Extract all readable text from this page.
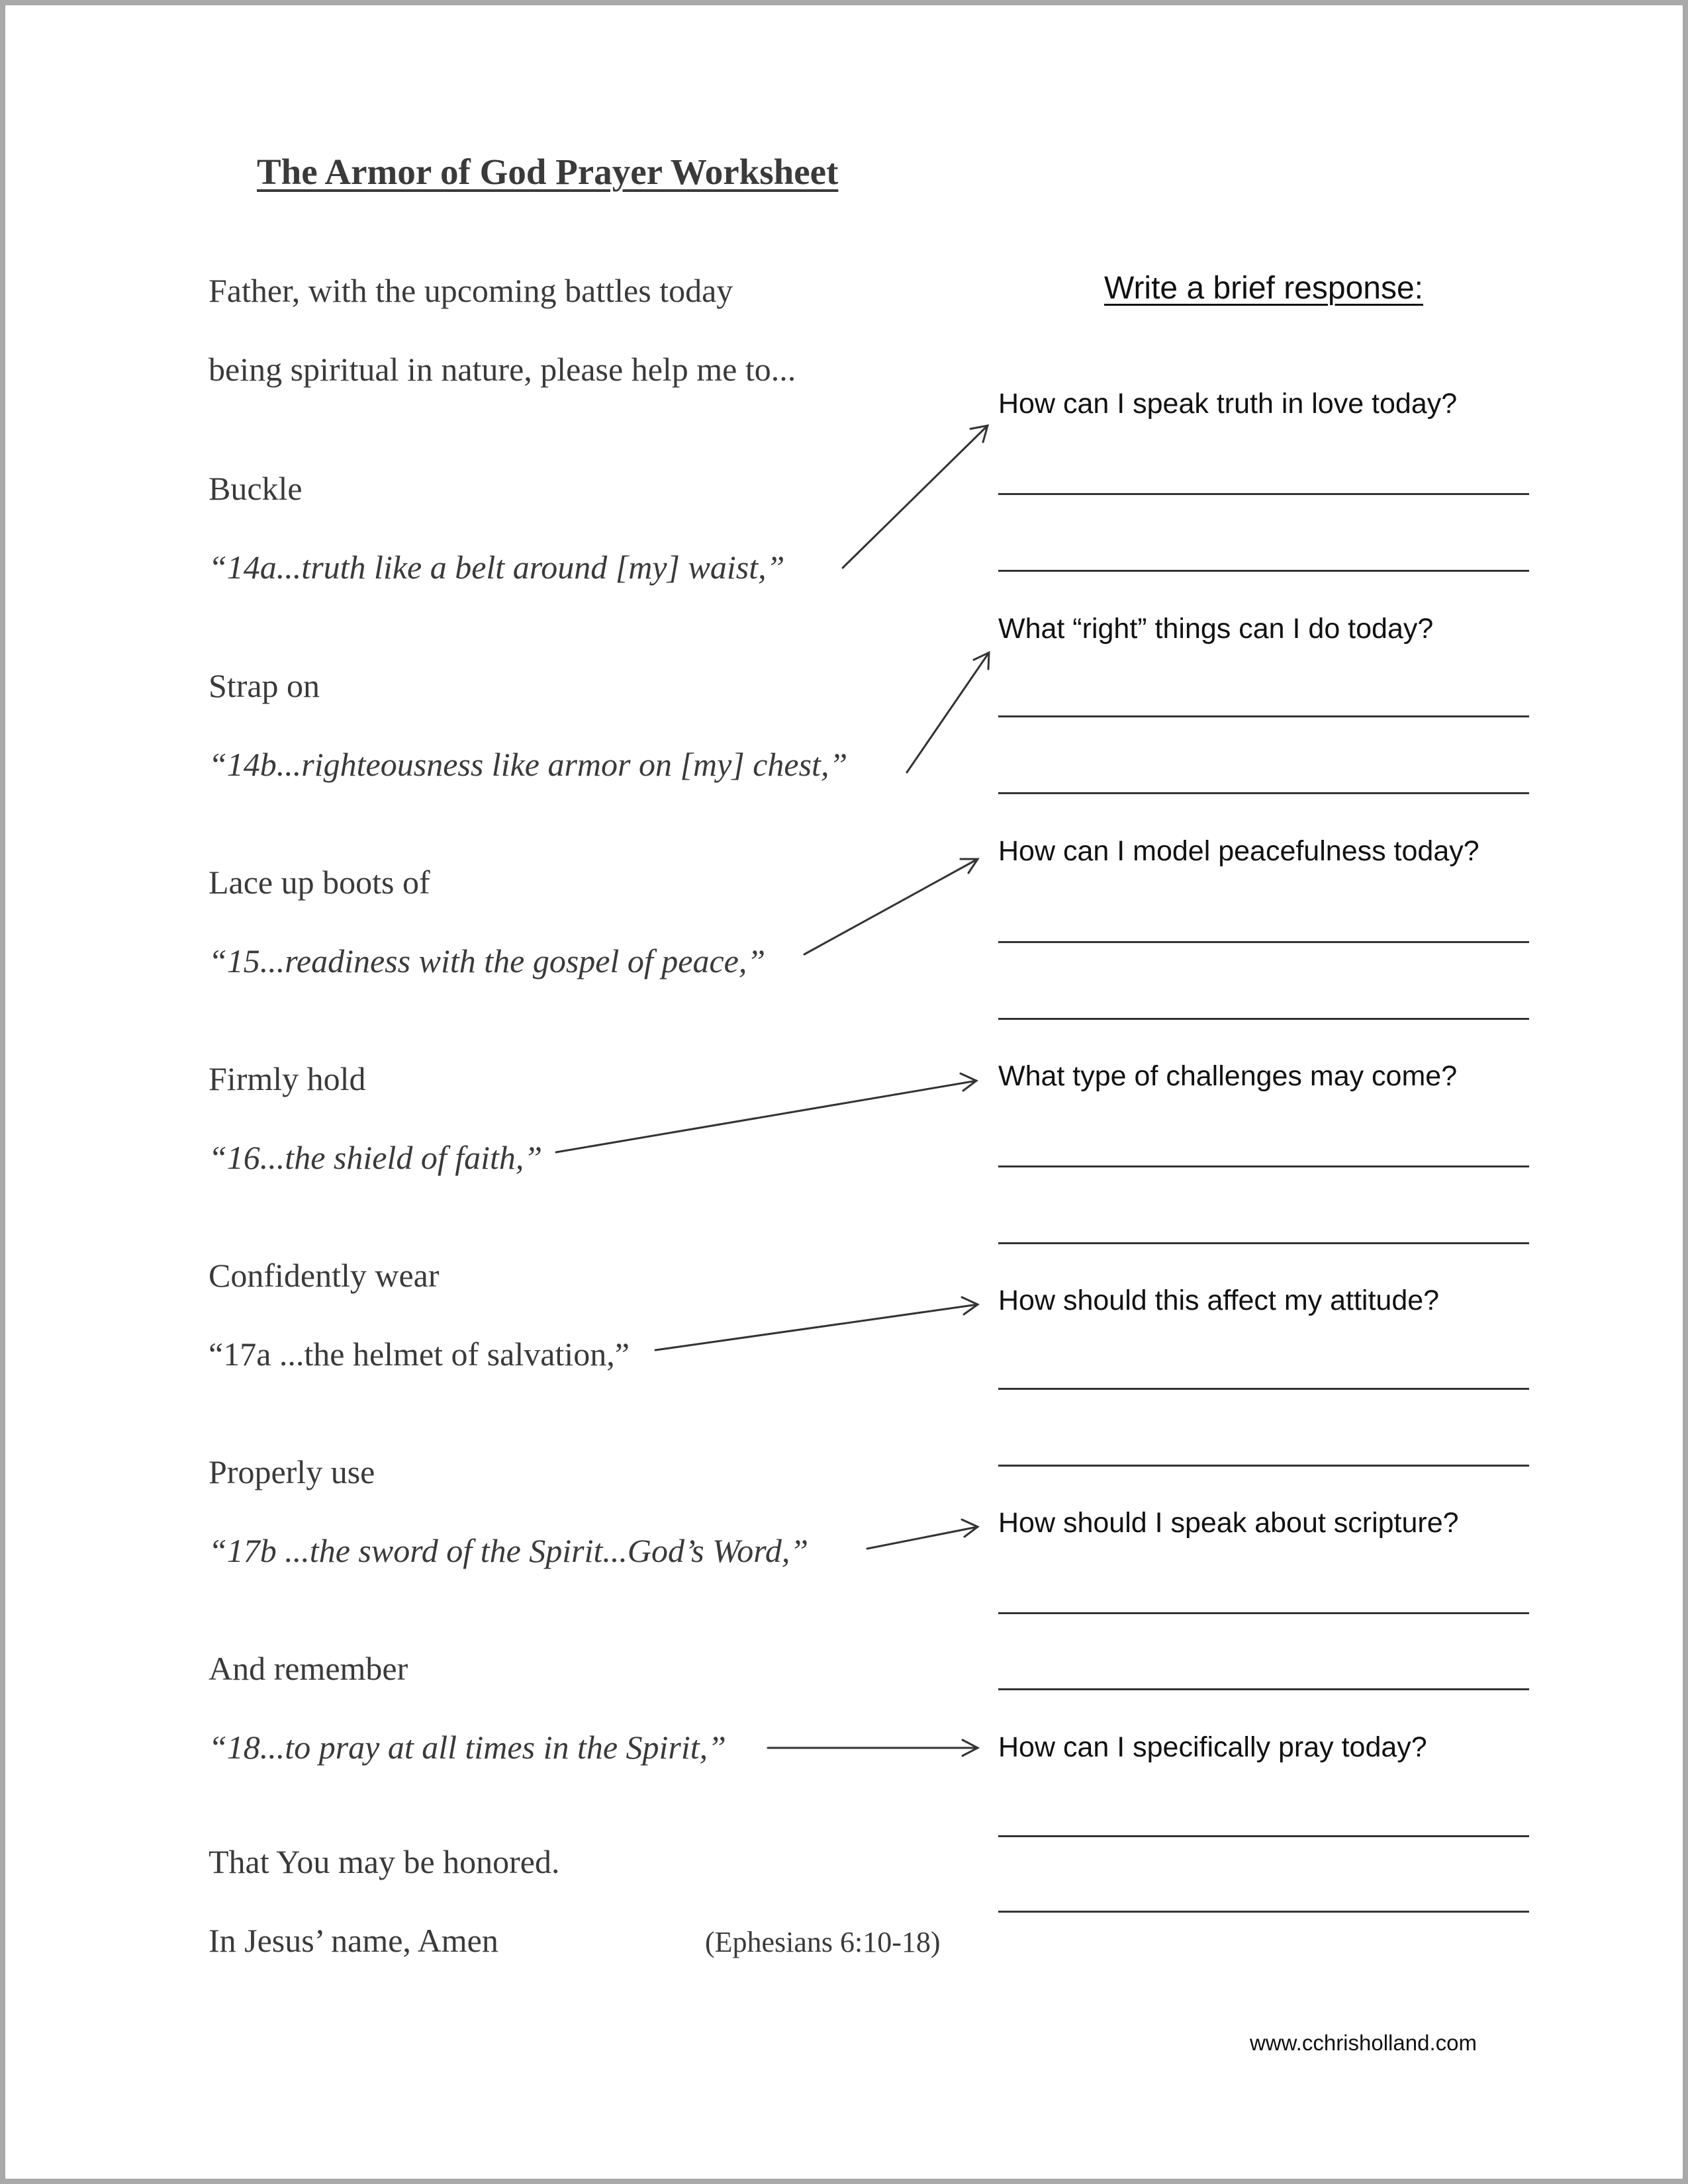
The Armor of God Prayer Worksheet
Father, with the upcoming battles today
being spiritual in nature, please help me to...
Write a brief response:
Buckle
“14a...truth like a belt around [my] waist,”
How can I speak truth in love today?
Strap on
“14b...righteousness like armor on [my] chest,”
What “right” things can I do today?
Lace up boots of
“15...readiness with the gospel of peace,”
How can I model peacefulness today?
Firmly hold
“16...the shield of faith,”
What type of challenges may come?
Confidently wear
“17a ...the helmet of salvation,”
How should this affect my attitude?
Properly use
“17b ...the sword of the Spirit...God’s Word,”
How should I speak about scripture?
And remember
“18...to pray at all times in the Spirit,”	How can I specifically pray today?
That You may be honored.
In Jesus’ name, Amen	(Ephesians 6:10-18)
www.cchrisholland.com
